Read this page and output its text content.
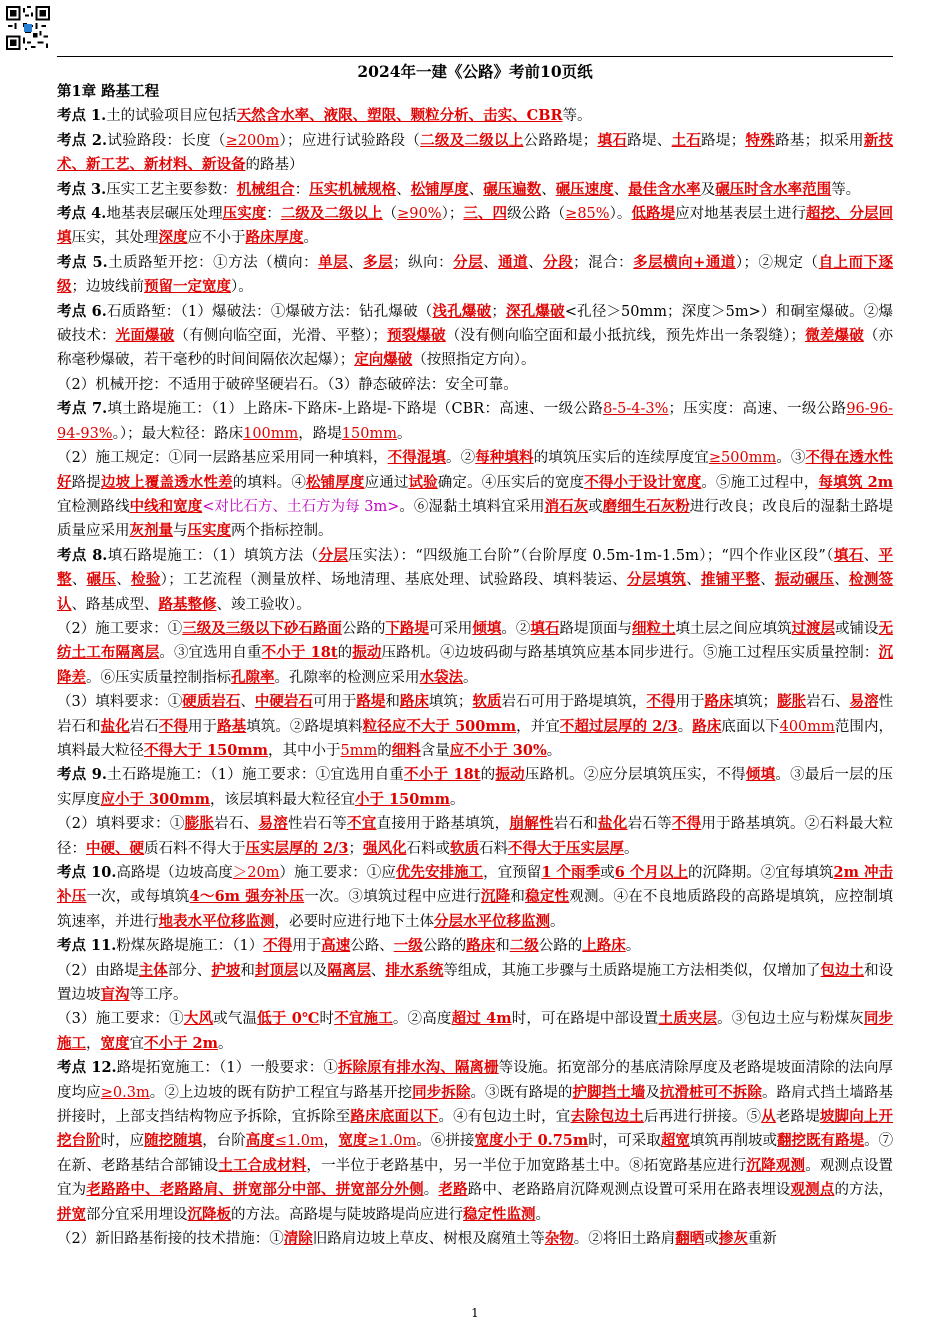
2024年一建《公路》考前10页纸

第1章 路基工程

考点 1.土的试验项目应包括天然含水率、液限、塑限、颗粒分析、击实、CBR等。

考点 2.试验路段：长度（≥200m）；应进行试验路段（二级及二级以上公路路堤；填石路堤、土石路堤；特殊路基；拟采用新技术、新工艺、新材料、新设备的路基）

考点 3.压实工艺主要参数：机械组合：压实机械规格、松铺厚度、碾压遍数、碾压速度、最佳含水率及碾压时含水率范围等。

考点 4.地基表层碾压处理压实度：二级及二级以上（≥90%）；三、四级公路（≥85%）。低路堤应对地基表层土进行超挖、分层回填压实，其处理深度应不小于路床厚度。

考点 5.土质路堑开挖：①方法（横向：单层、多层；纵向：分层、通道、分段；混合：多层横向+通道）；②规定（自上而下逐级；边坡线前预留一定宽度）。

考点 6.石质路堑：（1）爆破法：①爆破方法：钻孔爆破（浅孔爆破；深孔爆破<孔径＞50mm；深度＞5m>）和硐室爆破。②爆破技术：光面爆破（有侧向临空面，光滑、平整）；预裂爆破（没有侧向临空面和最小抵抗线，预先炸出一条裂缝）；微差爆破（亦称毫秒爆破，若干毫秒的时间间隔依次起爆）；定向爆破（按照指定方向）。

（2）机械开挖：不适用于破碎坚硬岩石。（3）静态破碎法：安全可靠。

考点 7.填土路堤施工：（1）上路床-下路床-上路堤-下路堤（CBR：高速、一级公路8-5-4-3%；压实度：高速、一级公路96-96-94-93%。）；最大粒径：路床100mm，路堤150mm。

（2）施工规定：①同一层路基应采用同一种填料，不得混填。②每种填料的填筑压实后的连续厚度宜≥500mm。③不得在透水性好路提边坡上覆盖透水性差的填料。④松铺厚度应通过试验确定。④压实后的宽度不得小于设计宽度。⑤施工过程中，每填筑 2m宜检测路线中线和宽度<对比石方、土石方为每 3m>。⑥湿黏土填料宜采用消石灰或磨细生石灰粉进行改良；改良后的湿黏土路堤质量应采用灰剂量与压实度两个指标控制。

考点 8.填石路堤施工：（1）填筑方法（分层压实法）：“四级施工台阶”（台阶厚度 0.5m-1m-1.5m）；“四个作业区段”（填石、平整、碾压、检验）；工艺流程（测量放样、场地清理、基底处理、试验路段、填料装运、分层填筑、推铺平整、振动碾压、检测签认、路基成型、路基整修、竣工验收）。

（2）施工要求：①三级及三级以下砂石路面公路的下路堤可采用倾填。②填石路堤顶面与细粒土填土层之间应填筑过渡层或铺设无纺土工布隔离层。③宜选用自重不小于 18t的振动压路机。④边坡码砌与路基填筑应基本同步进行。⑤施工过程压实质量控制：沉降差。⑥压实质量控制指标孔隙率。孔隙率的检测应采用水袋法。

（3）填料要求：①硬质岩石、中硬岩石可用于路堤和路床填筑；软质岩石可用于路堤填筑，不得用于路床填筑；膨胀岩石、易溶性岩石和盐化岩石不得用于路基填筑。②路堤填料粒径应不大于 500mm，并宜不超过层厚的 2/3。路床底面以下400mm范围内，填料最大粒径不得大于 150mm，其中小于5mm的细料含量应不小于 30%。

考点 9.土石路堤施工：（1）施工要求：①宜选用自重不小于 18t的振动压路机。②应分层填筑压实，不得倾填。③最后一层的压实厚度应小于 300mm，该层填料最大粒径宜小于 150mm。

（2）填料要求：①膨胀岩石、易溶性岩石等不宜直接用于路基填筑，崩解性岩石和盐化岩石等不得用于路基填筑。②石料最大粒径：中硬、硬质石料不得大于压实层厚的 2/3；强风化石料或软质石料不得大于压实层厚。

考点 10.高路堤（边坡高度＞20m）施工要求：①应优先安排施工，宜预留1 个雨季或6 个月以上的沉降期。②宜每填筑2m 冲击补压一次，或每填筑4～6m 强夯补压一次。③填筑过程中应进行沉降和稳定性观测。④在不良地质路段的高路堤填筑，应控制填筑速率，并进行地表水平位移监测，必要时应进行地下土体分层水平位移监测。

考点 11.粉煤灰路堤施工：（1）不得用于高速公路、一级公路的路床和二级公路的上路床。

（2）由路堤主体部分、护坡和封顶层以及隔离层、排水系统等组成，其施工步骤与土质路堤施工方法相类似，仅增加了包边土和设置边坡盲沟等工序。

（3）施工要求：①大风或气温低于 0℃时不宜施工。②高度超过 4m时，可在路堤中部设置土质夹层。③包边土应与粉煤灰同步施工，宽度宜不小于 2m。

考点 12.路堤拓宽施工：（1）一般要求：①拆除原有排水沟、隔离栅等设施。拓宽部分的基底清除厚度及老路堤坡面清除的法向厚度均应≥0.3m。②上边坡的既有防护工程宜与路基开挖同步拆除。③既有路堤的护脚挡土墙及抗滑桩可不拆除。路肩式挡土墙路基拼接时，上部支挡结构物应予拆除，宜拆除至路床底面以下。④有包边土时，宜去除包边土后再进行拼接。⑤从老路堤坡脚向上开挖台阶时，应随挖随填，台阶高度≤1.0m，宽度≥1.0m。⑥拼接宽度小于 0.75m时，可采取超宽填筑再削坡或翻挖既有路堤。⑦在新、老路基结合部铺设土工合成材料，一半位于老路基中，另一半位于加宽路基土中。⑧拓宽路基应进行沉降观测。观测点设置宜为老路路中、老路路肩、拼宽部分中部、拼宽部分外侧。老路路中、老路路肩沉降观测点设置可采用在路表埋设观测点的方法，拼宽部分宜采用埋设沉降板的方法。高路堤与陡坡路堤尚应进行稳定性监测。

（2）新旧路基衔接的技术措施：①清除旧路肩边坡上草皮、树根及腐殖土等杂物。②将旧土路肩翻晒或掺灰重新

1
